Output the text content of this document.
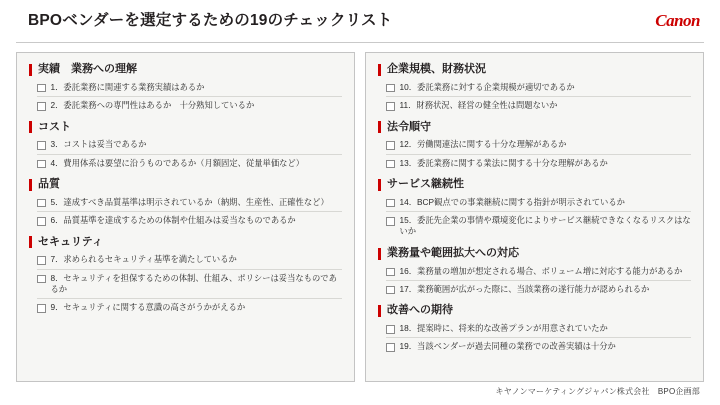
BPOベンダーを選定するための19のチェックリスト	Canon
実績　業務への理解
1．委託業務に関連する業務実績はあるか
2．委託業務への専門性はあるか　十分熟知しているか
コスト
3．コストは妥当であるか
4．費用体系は要望に沿うものであるか（月額固定、従量単価など）
品質
5．達成すべき品質基準は明示されているか（納期、生産性、正確性など）
6．品質基準を達成するための体制や仕組みは妥当なものであるか
セキュリティ
7．求められるセキュリティ基準を満たしているか
8．セキュリティを担保するための体制、仕組み、ポリシーは妥当なものであるか
9．セキュリティに関する意識の高さがうかがえるか
企業規模、財務状況
10．委託業務に対する企業規模が適切であるか
11．財務状況、経営の健全性は問題ないか
法令順守
12．労働関連法に関する十分な理解があるか
13．委託業務に関する業法に関する十分な理解があるか
サービス継続性
14．BCP観点での事業継続に関する指針が明示されているか
15．委託先企業の事情や環境変化によりサービス継続できなくなるリスクはないか
業務量や範囲拡大への対応
16．業務量の増加が想定される場合、ボリューム増に対応する能力があるか
17．業務範囲が広がった際に、当該業務の遂行能力が認められるか
改善への期待
18．提案時に、将来的な改善プランが用意されていたか
19．当該ベンダーが過去同種の業務での改善実績は十分か
キヤノンマーケティングジャパン株式会社　BPO企画部
